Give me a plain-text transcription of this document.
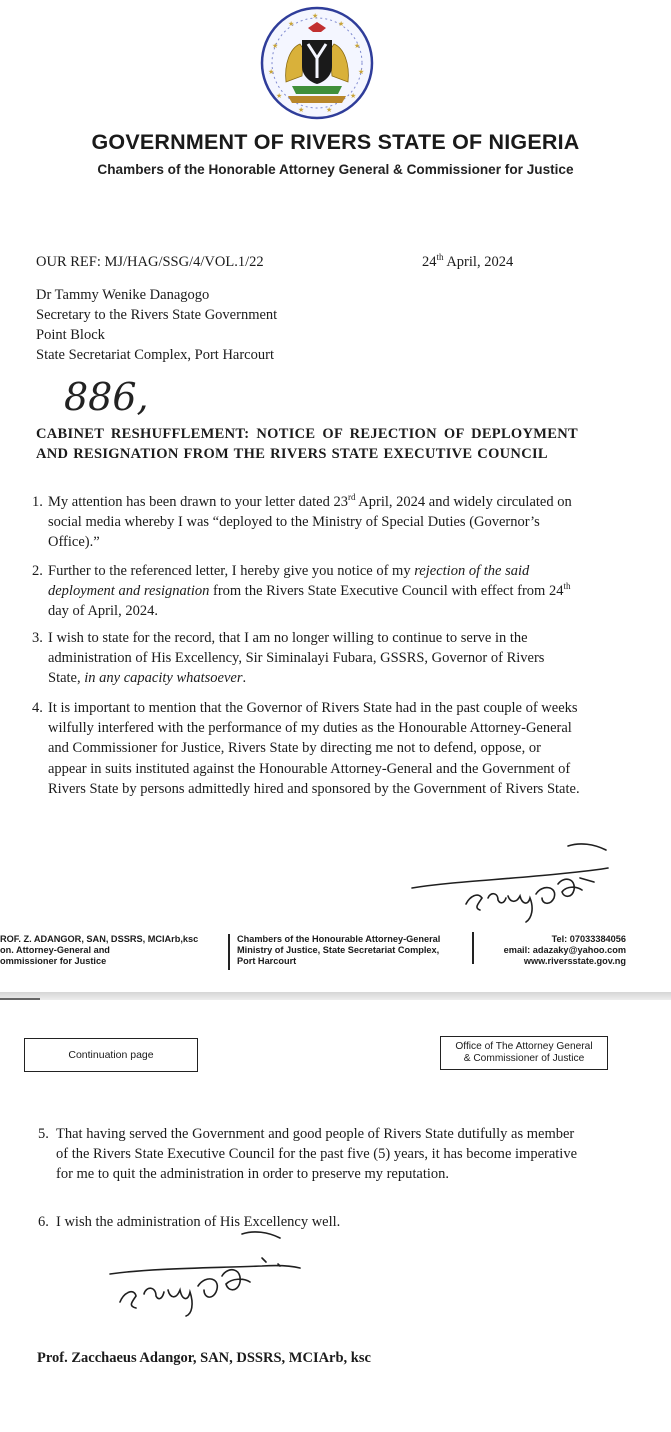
★
★	★
★	★
★	★
★	★
★	★
GOVERNMENT OF RIVERS STATE OF NIGERIA
Chambers of the Honorable Attorney General & Commissioner for Justice
OUR REF: MJ/HAG/SSG/4/VOL.1/22	24th April, 2024
Dr Tammy Wenike Danagogo
Secretary to the Rivers State Government
Point Block
State Secretariat Complex, Port Harcourt
886,
CABINET RESHUFFLEMENT: NOTICE OF REJECTION OF DEPLOYMENT AND RESIGNATION FROM THE RIVERS STATE EXECUTIVE COUNCIL
1. My attention has been drawn to your letter dated 23rd April, 2024 and widely circulated on social media whereby I was “deployed to the Ministry of Special Duties (Governor’s Office).”
2. Further to the referenced letter, I hereby give you notice of my rejection of the said deployment and resignation from the Rivers State Executive Council with effect from 24th day of April, 2024.
3. I wish to state for the record, that I am no longer willing to continue to serve in the administration of His Excellency, Sir Siminalayi Fubara, GSSRS, Governor of Rivers State, in any capacity whatsoever.
4. It is important to mention that the Governor of Rivers State had in the past couple of weeks wilfully interfered with the performance of my duties as the Honourable Attorney-General and Commissioner for Justice, Rivers State by directing me not to defend, oppose, or appear in suits instituted against the Honourable Attorney-General and the Government of Rivers State by persons admittedly hired and sponsored by the Government of Rivers State.
ROF. Z. ADANGOR, SAN, DSSRS, MCIArb,ksc
on. Attorney-General and
ommissioner for Justice
Chambers of the Honourable Attorney-General
Ministry of Justice, State Secretariat Complex,
Port Harcourt
Tel: 07033384056
email: adazaky@yahoo.com
www.riversstate.gov.ng
Continuation page
Office of The Attorney General
& Commissioner of Justice
5. That having served the Government and good people of Rivers State dutifully as member of the Rivers State Executive Council for the past five (5) years, it has become imperative for me to quit the administration in order to preserve my reputation.
6. I wish the administration of His Excellency well.
Prof. Zacchaeus Adangor, SAN, DSSRS, MCIArb, ksc
